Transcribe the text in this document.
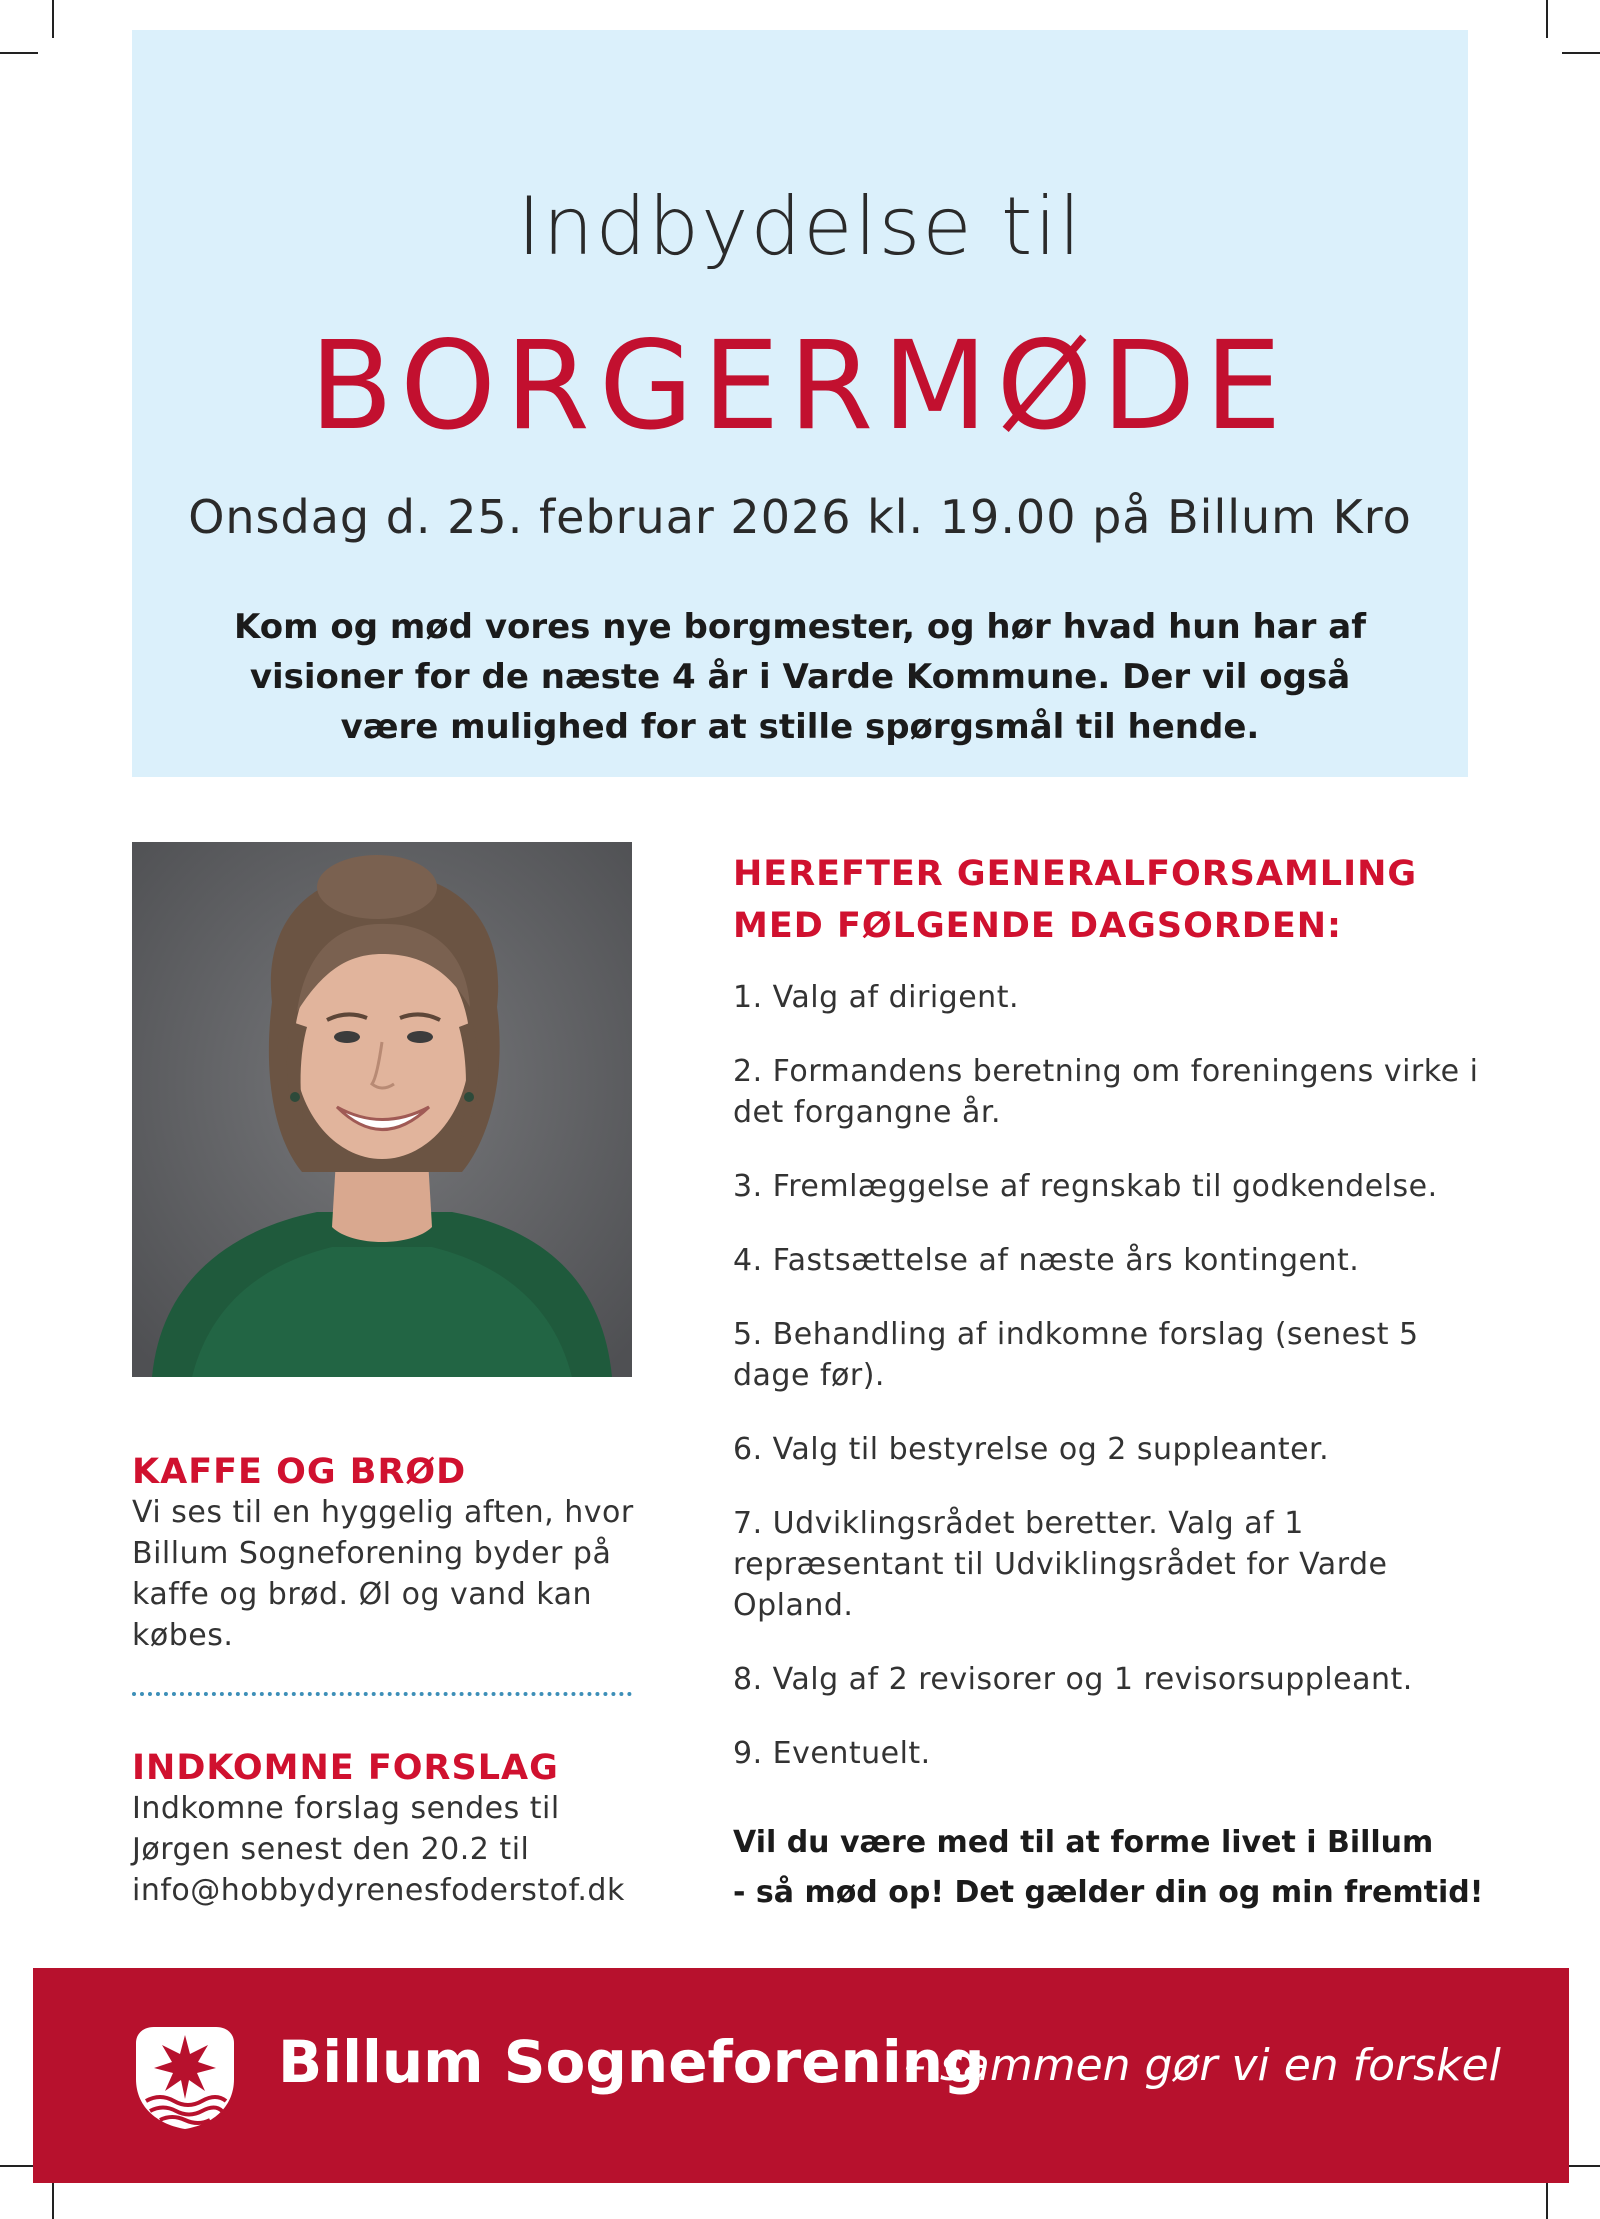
Indbydelse til
BORGERMØDE
Onsdag d. 25. februar 2026 kl. 19.00 på Billum Kro
Kom og mød vores nye borgmester, og hør hvad hun har af visioner for de næste 4 år i Varde Kommune. Der vil også være mulighed for at stille spørgsmål til hende.
KAFFE OG BRØD
Vi ses til en hyggelig aften, hvor Billum Sogneforening byder på kaffe og brød. Øl og vand kan købes.
INDKOMNE FORSLAG
Indkomne forslag sendes til
Jørgen senest den 20.2 til
info@hobbydyrenesfoderstof.dk
HEREFTER GENERALFORSAMLING
MED FØLGENDE DAGSORDEN:
1. Valg af dirigent.
2. Formandens beretning om foreningens virke i det forgangne år.
3. Fremlæggelse af regnskab til godkendelse.
4. Fastsættelse af næste års kontingent.
5. Behandling af indkomne forslag (senest 5 dage før).
6. Valg til bestyrelse og 2 suppleanter.
7. Udviklingsrådet beretter. Valg af 1 repræsentant til Udviklingsrådet for Varde Opland.
8. Valg af 2 revisorer og 1 revisorsuppleant.
9. Eventuelt.
Vil du være med til at forme livet i Billum
- så mød op! Det gælder din og min fremtid!
Billum Sogneforening
– sammen gør vi en forskel
